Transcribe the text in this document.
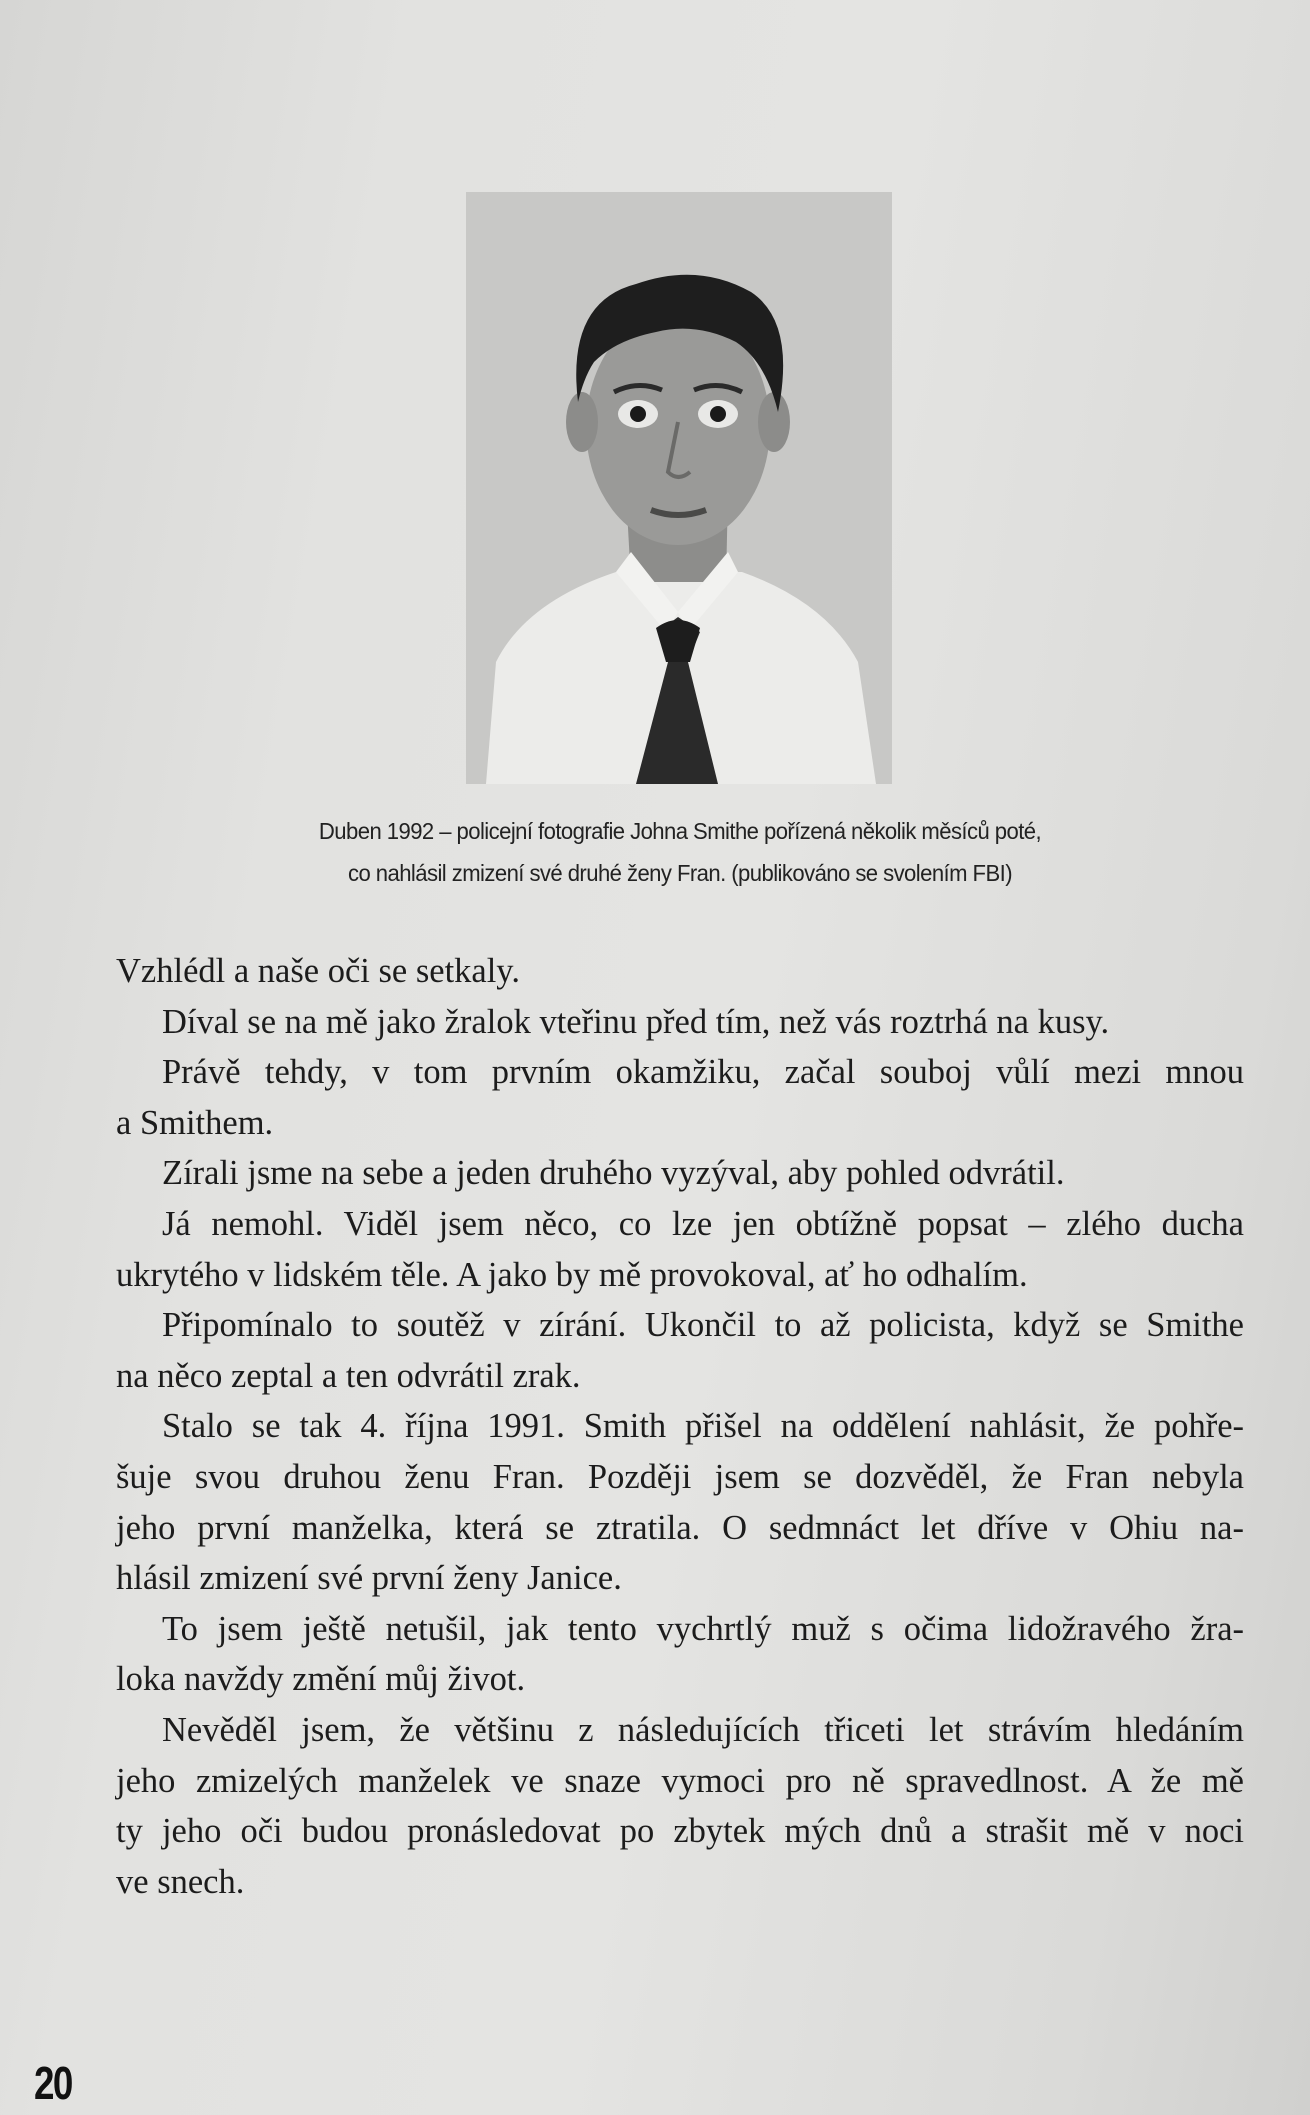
Duben 1992 – policejní fotografie Johna Smithe pořízená několik měsíců poté,
co nahlásil zmizení své druhé ženy Fran. (publikováno se svolením FBI)
Vzhlédl a naše oči se setkaly.
Díval se na mě jako žralok vteřinu před tím, než vás roztrhá na kusy.
Právě tehdy, v tom prvním okamžiku, začal souboj vůlí mezi mnou
a Smithem.
Zírali jsme na sebe a jeden druhého vyzýval, aby pohled odvrátil.
Já nemohl. Viděl jsem něco, co lze jen obtížně popsat – zlého ducha
ukrytého v lidském těle. A jako by mě provokoval, ať ho odhalím.
Připomínalo to soutěž v zírání. Ukončil to až policista, když se Smithe
na něco zeptal a ten odvrátil zrak.
Stalo se tak 4. října 1991. Smith přišel na oddělení nahlásit, že pohře-
šuje svou druhou ženu Fran. Později jsem se dozvěděl, že Fran nebyla
jeho první manželka, která se ztratila. O sedmnáct let dříve v Ohiu na-
hlásil zmizení své první ženy Janice.
To jsem ještě netušil, jak tento vychrtlý muž s očima lidožravého žra-
loka navždy změní můj život.
Nevěděl jsem, že většinu z následujících třiceti let strávím hledáním
jeho zmizelých manželek ve snaze vymoci pro ně spravedlnost. A že mě
ty jeho oči budou pronásledovat po zbytek mých dnů a strašit mě v noci
ve snech.
20
